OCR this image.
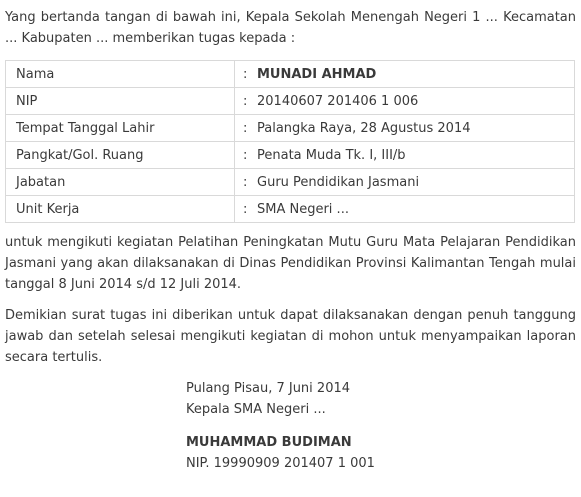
Yang bertanda tangan di bawah ini, Kepala Sekolah Menengah Negeri 1 ... Kecamatan ... Kabupaten ... memberikan tugas kepada :

Nama	: MUNADI AHMAD
NIP	: 20140607 201406 1 006
Tempat Tanggal Lahir	: Palangka Raya, 28 Agustus 2014
Pangkat/Gol. Ruang	: Penata Muda Tk. I, III/b
Jabatan	: Guru Pendidikan Jasmani
Unit Kerja	: SMA Negeri ...

untuk mengikuti kegiatan Pelatihan Peningkatan Mutu Guru Mata Pelajaran Pendidikan Jasmani yang akan dilaksanakan di Dinas Pendidikan Provinsi Kalimantan Tengah mulai tanggal 8 Juni 2014 s/d 12 Juli 2014.

Demikian surat tugas ini diberikan untuk dapat dilaksanakan dengan penuh tanggung jawab dan setelah selesai mengikuti kegiatan di mohon untuk menyampaikan laporan secara tertulis.

Pulang Pisau, 7 Juni 2014
Kepala SMA Negeri ...
MUHAMMAD BUDIMAN
NIP. 19990909 201407 1 001
